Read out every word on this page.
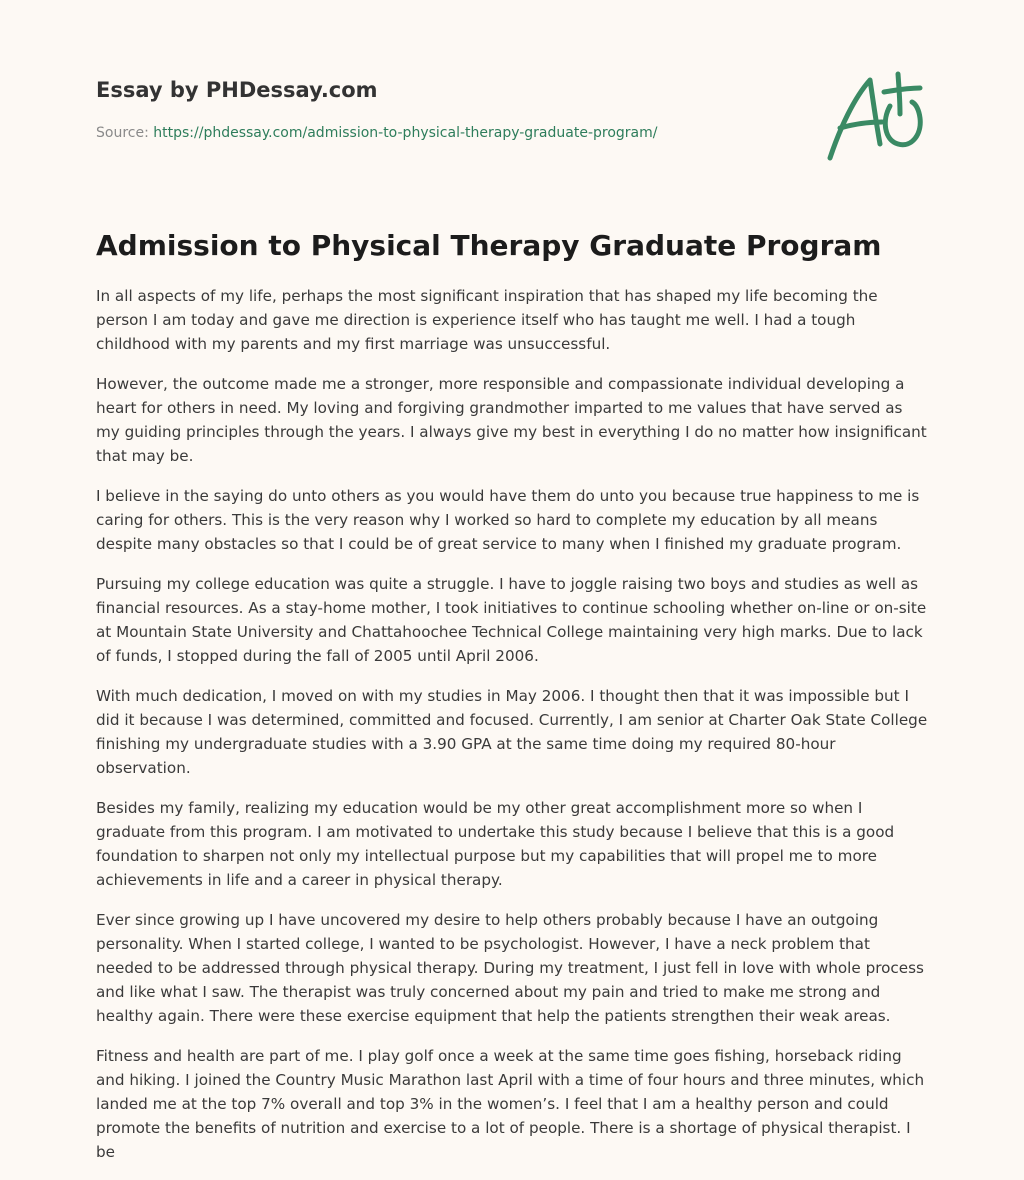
Essay by PHDessay.com
Source: https://phdessay.com/admission-to-physical-therapy-graduate-program/
Admission to Physical Therapy Graduate Program

In all aspects of my life, perhaps the most significant inspiration that has shaped my life becoming the person I am today and gave me direction is experience itself who has taught me well. I had a tough childhood with my parents and my first marriage was unsuccessful.

However, the outcome made me a stronger, more responsible and compassionate individual developing a heart for others in need. My loving and forgiving grandmother imparted to me values that have served as my guiding principles through the years. I always give my best in everything I do no matter how insignificant that may be.

I believe in the saying do unto others as you would have them do unto you because true happiness to me is caring for others. This is the very reason why I worked so hard to complete my education by all means despite many obstacles so that I could be of great service to many when I finished my graduate program.

Pursuing my college education was quite a struggle. I have to joggle raising two boys and studies as well as financial resources. As a stay-home mother, I took initiatives to continue schooling whether on-line or on-site at Mountain State University and Chattahoochee Technical College maintaining very high marks. Due to lack of funds, I stopped during the fall of 2005 until April 2006.

With much dedication, I moved on with my studies in May 2006. I thought then that it was impossible but I did it because I was determined, committed and focused. Currently, I am senior at Charter Oak State College finishing my undergraduate studies with a 3.90 GPA at the same time doing my required 80-hour observation.

Besides my family, realizing my education would be my other great accomplishment more so when I graduate from this program. I am motivated to undertake this study because I believe that this is a good foundation to sharpen not only my intellectual purpose but my capabilities that will propel me to more achievements in life and a career in physical therapy.

Ever since growing up I have uncovered my desire to help others probably because I have an outgoing personality. When I started college, I wanted to be psychologist. However, I have a neck problem that needed to be addressed through physical therapy. During my treatment, I just fell in love with whole process and like what I saw. The therapist was truly concerned about my pain and tried to make me strong and healthy again. There were these exercise equipment that help the patients strengthen their weak areas.

Fitness and health are part of me. I play golf once a week at the same time goes fishing, horseback riding and hiking. I joined the Country Music Marathon last April with a time of four hours and three minutes, which landed me at the top 7% overall and top 3% in the women’s. I feel that I am a healthy person and could promote the benefits of nutrition and exercise to a lot of people. There is a shortage of physical therapist. I be
